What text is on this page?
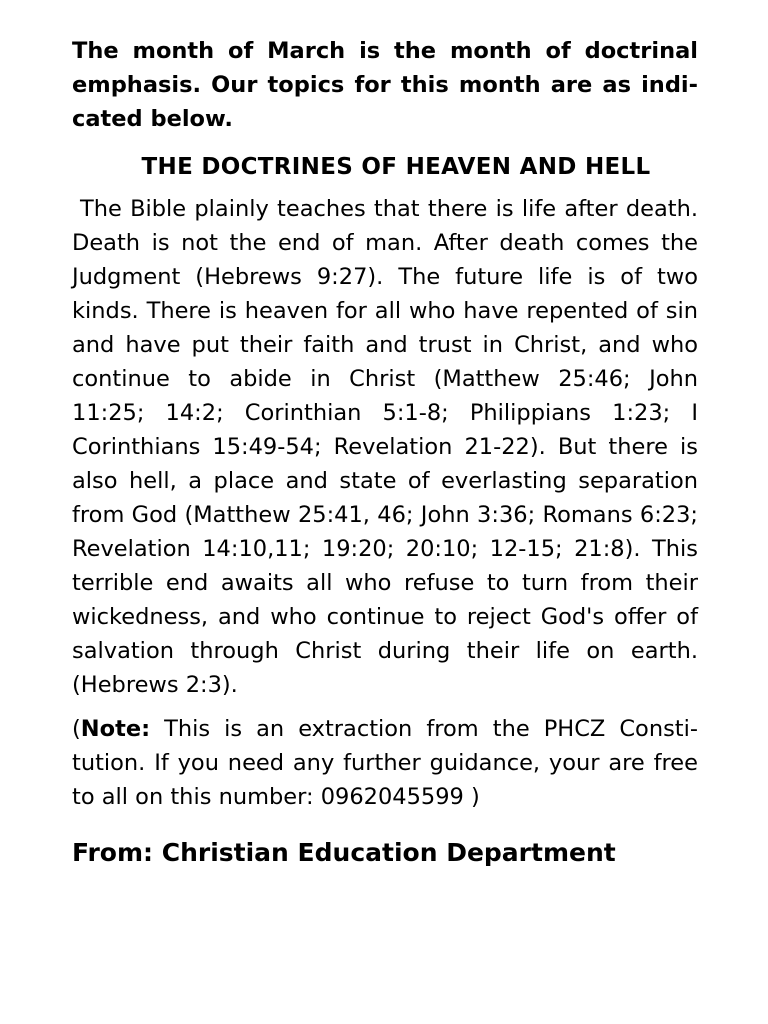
The month of March is the month of doctrinal emphasis. Our topics for this month are as indi-cated below.

THE DOCTRINES OF HEAVEN AND HELL

The Bible plainly teaches that there is life after death. Death is not the end of man. After death comes the Judgment (Hebrews 9:27). The future life is of two kinds. There is heaven for all who have repented of sin and have put their faith and trust in Christ, and who continue to abide in Christ (Matthew 25:46; John 11:25; 14:2; Corinthian 5:1-8; Philippians 1:23; I Corinthians 15:49-54; Revelation 21-22). But there is also hell, a place and state of everlasting separation from God (Matthew 25:41, 46; John 3:36; Romans 6:23; Revelation 14:10,11; 19:20; 20:10; 12-15; 21:8). This terrible end awaits all who refuse to turn from their wickedness, and who continue to reject God's offer of salvation through Christ during their life on earth. (Hebrews 2:3).

(Note: This is an extraction from the PHCZ Consti-tution. If you need any further guidance, your are free to all on this number: 0962045599 )

From: Christian Education Department
